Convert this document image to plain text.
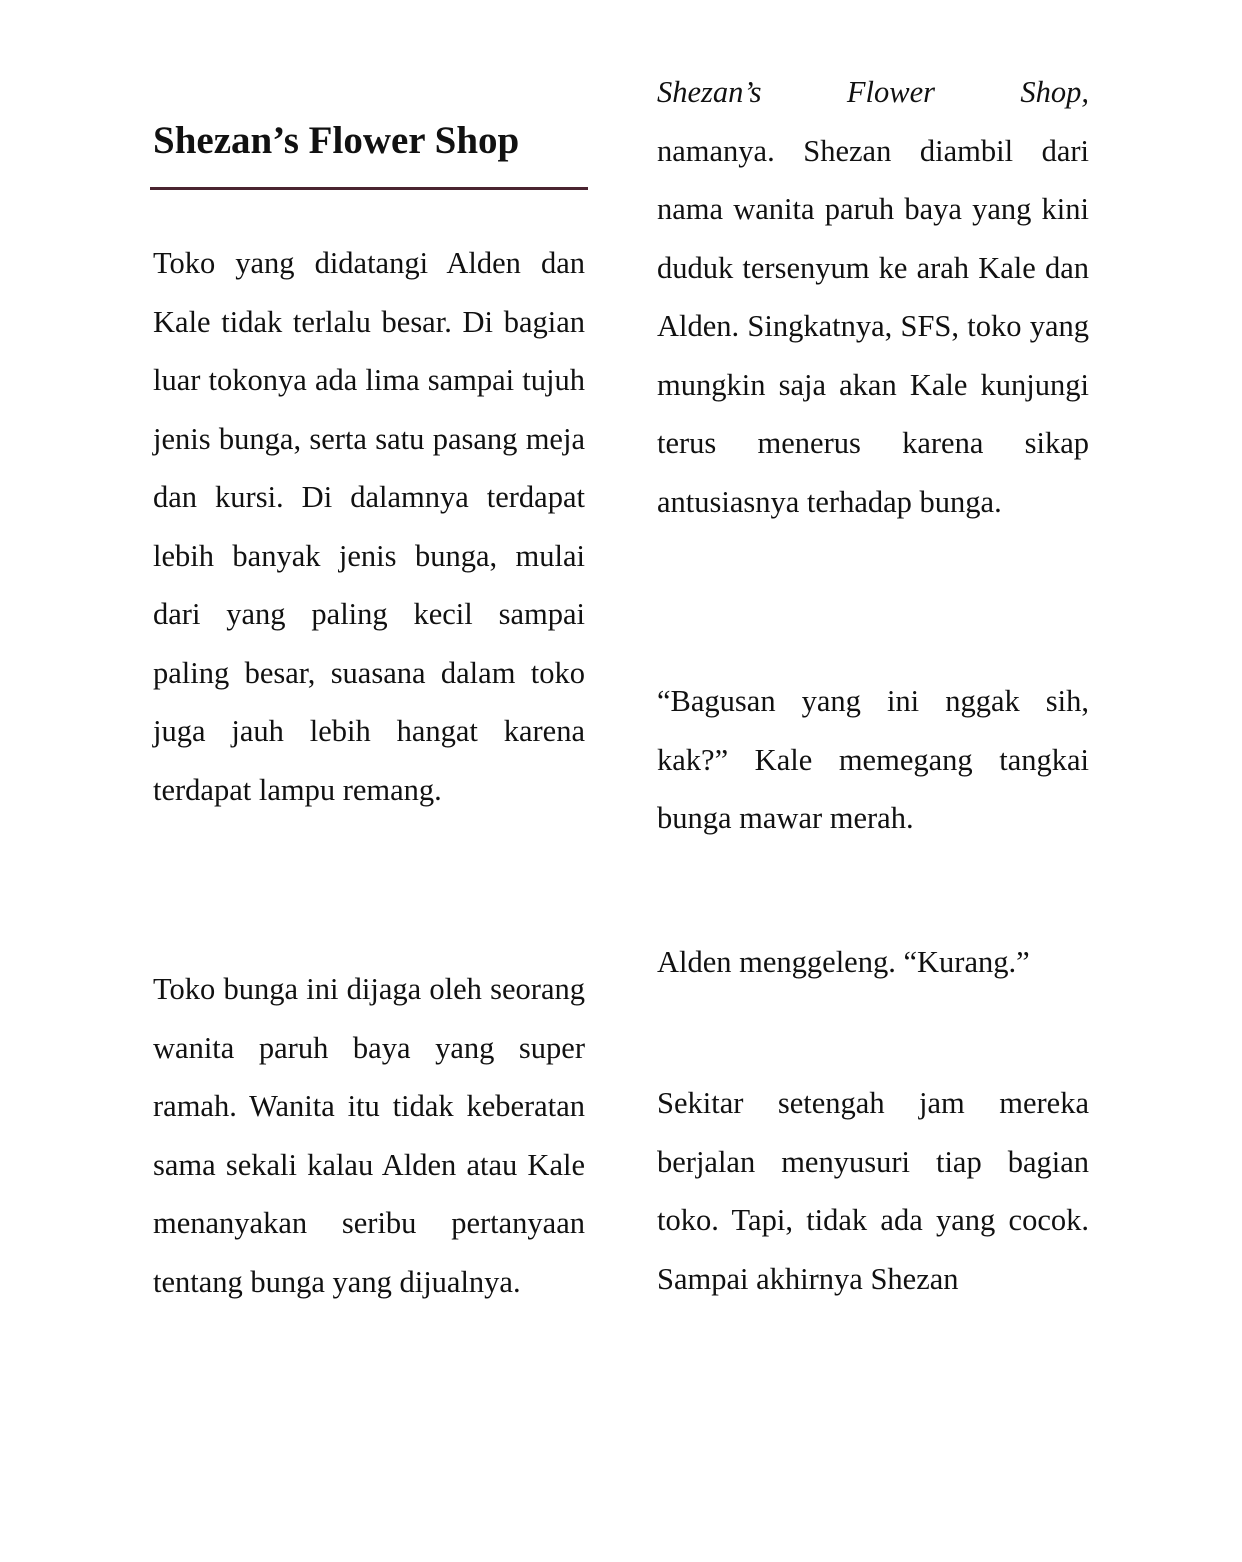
Shezan’s Flower Shop

Toko yang didatangi Alden dan Kale tidak terlalu besar. Di bagian luar tokonya ada lima sampai tujuh jenis bunga, serta satu pasang meja dan kursi. Di dalamnya terdapat lebih banyak jenis bunga, mulai dari yang paling kecil sampai paling besar, suasana dalam toko juga jauh lebih hangat karena terdapat lampu remang.

Toko bunga ini dijaga oleh seorang wanita paruh baya yang super ramah. Wanita itu tidak keberatan sama sekali kalau Alden atau Kale menanyakan seribu pertanyaan tentang bunga yang dijualnya.

Shezan’s	Flower	Shop,
namanya. Shezan diambil dari nama wanita paruh baya yang kini duduk tersenyum ke arah Kale dan Alden. Singkatnya, SFS, toko yang mungkin saja akan Kale kunjungi terus menerus karena sikap antusiasnya terhadap bunga.

“Bagusan yang ini nggak sih, kak?” Kale memegang tangkai bunga mawar merah.

Alden menggeleng. “Kurang.”

Sekitar setengah jam mereka berjalan menyusuri tiap bagian toko. Tapi, tidak ada yang cocok. Sampai akhirnya Shezan
